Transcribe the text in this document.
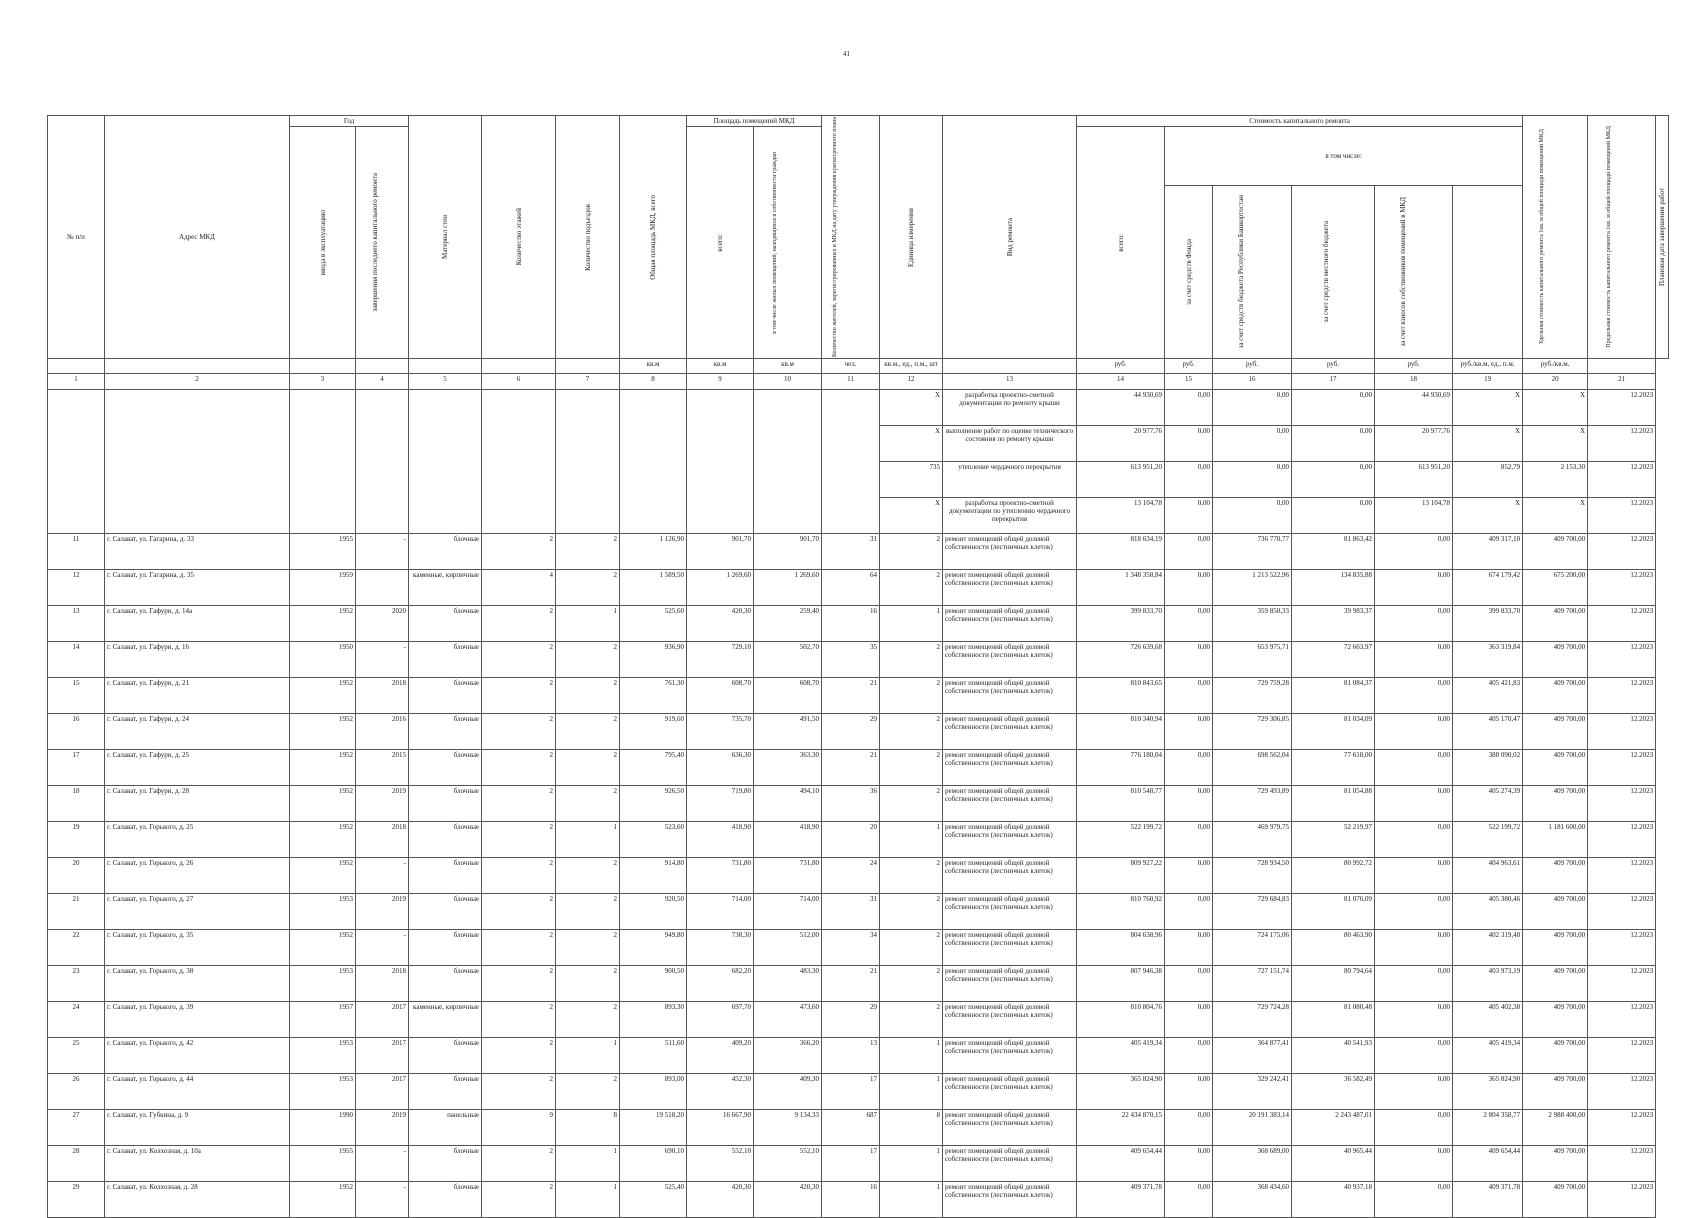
41
№ п/п	Адрес МКД	Год		Материал стен	Количество этажей	Количество подъездов	Общая площадь МКД, всего	Площадь помещений МКД		Количество жителей, зарегистрированных в МКД на дату утверждения краткосрочного плана	Единица измерения	Вид ремонта	Стоимость капитального ремонта						Удельная стоимость капитального ремонта 1кв. м общей площади помещений МКД	Предельная стоимость капитального ремонта 1кв. м общей площади помещений МКД	Плановая дата завершения работ

		ввода в эксплуатацию	завершения последнего капитального ремонта					всего:	в том числе жилых помещений, находящихся в собственности граждан				всего:	в том числе:							

														за счет средств Фонда	за счет средств бюджета Республики Башкортостан	за счет средств местного бюджета	за счет взносов собственников помещений в МКД				

							кв.м	кв.м	кв.м	чел.	кв.м., ед., п.м., шт		руб.	руб.	руб.	руб.	руб.	руб./кв.м, ед., п.м.	руб./кв.м.		
1	2	3	4	5	6	7	8	9	10	11	12	13	14	15	16	17	18	19	20	21	
											X	разработка проектно-сметной документации по ремонту крыши	44 930,69	0,00	0,00	0,00	44 930,69	X	X	12.2023	
											X	выполнение работ по оценке технического состояния по ремонту крыши	20 977,76	0,00	0,00	0,00	20 977,76	X	X	12.2023	
											735	утепление чердачного перекрытия	613 951,20	0,00	0,00	0,00	613 951,20	852,79	2 153,30	12.2023	
											X	разработка проектно-сметной документации по утеплению чердачного перекрытия	13 104,78	0,00	0,00	0,00	13 104,78	X	X	12.2023	
11	г. Салават, ул. Гагарина, д. 33	1955	-	блочные	2	2	1 126,90	901,70	901,70	31	2	ремонт помещений общей долевой собственности (лестничных клеток)	818 634,19	0,00	736 770,77	81 863,42	0,00	409 317,10	409 700,00	12.2023	
12	г. Салават, ул. Гагарина, д. 35	1959		каменные, кирпичные	4	2	1 589,50	1 269,60	1 269,60	64	2	ремонт помещений общей долевой собственности (лестничных клеток)	1 348 358,84	0,00	1 213 522,96	134 835,88	0,00	674 179,42	675 200,00	12.2023	
13	г. Салават, ул. Гафури, д. 14а	1952	2020	блочные	2	1	525,60	420,30	259,40	16	1	ремонт помещений общей долевой собственности (лестничных клеток)	399 833,70	0,00	359 850,33	39 983,37	0,00	399 833,70	409 700,00	12.2023	
14	г. Салават, ул. Гафури, д. 16	1950	-	блочные	2	2	936,90	729,10	502,70	35	2	ремонт помещений общей долевой собственности (лестничных клеток)	726 639,68	0,00	653 975,71	72 663,97	0,00	363 319,84	409 700,00	12.2023	
15	г. Салават, ул. Гафури, д. 21	1952	2018	блочные	2	2	761,30	608,70	608,70	21	2	ремонт помещений общей долевой собственности (лестничных клеток)	810 843,65	0,00	729 759,28	81 084,37	0,00	405 421,83	409 700,00	12.2023	
16	г. Салават, ул. Гафури, д. 24	1952	2016	блочные	2	2	919,60	735,70	491,50	29	2	ремонт помещений общей долевой собственности (лестничных клеток)	810 340,94	0,00	729 306,85	81 034,09	0,00	405 170,47	409 700,00	12.2023	
17	г. Салават, ул. Гафури, д. 25	1952	2015	блочные	2	2	795,40	636,30	363,30	21	2	ремонт помещений общей долевой собственности (лестничных клеток)	776 180,04	0,00	698 562,04	77 618,00	0,00	388 090,02	409 700,00	12.2023	
18	г. Салават, ул. Гафури, д. 28	1952	2019	блочные	2	2	926,50	719,80	494,10	36	2	ремонт помещений общей долевой собственности (лестничных клеток)	810 548,77	0,00	729 493,89	81 054,88	0,00	405 274,39	409 700,00	12.2023	
19	г. Салават, ул. Горького, д. 25	1952	2018	блочные	2	1	523,60	418,90	418,90	20	1	ремонт помещений общей долевой собственности (лестничных клеток)	522 199,72	0,00	469 979,75	52 219,97	0,00	522 199,72	1 181 600,00	12.2023	
20	г. Салават, ул. Горького, д. 26	1952	-	блочные	2	2	914,80	731,80	731,80	24	2	ремонт помещений общей долевой собственности (лестничных клеток)	809 927,22	0,00	728 934,50	80 992,72	0,00	404 963,61	409 700,00	12.2023	
21	г. Салават, ул. Горького, д. 27	1953	2019	блочные	2	2	920,50	714,00	714,00	31	2	ремонт помещений общей долевой собственности (лестничных клеток)	810 760,92	0,00	729 684,83	81 076,09	0,00	405 380,46	409 700,00	12.2023	
22	г. Салават, ул. Горького, д. 35	1952	-	блочные	2	2	949,80	738,30	512,00	34	2	ремонт помещений общей долевой собственности (лестничных клеток)	804 638,96	0,00	724 175,06	80 463,90	0,00	402 319,48	409 700,00	12.2023	
23	г. Салават, ул. Горького, д. 38	1953	2018	блочные	2	2	900,50	682,20	483,30	21	2	ремонт помещений общей долевой собственности (лестничных клеток)	807 946,38	0,00	727 151,74	80 794,64	0,00	403 973,19	409 700,00	12.2023	
24	г. Салават, ул. Горького, д. 39	1957	2017	каменные, кирпичные	2	2	893,30	697,70	473,60	29	2	ремонт помещений общей долевой собственности (лестничных клеток)	810 804,76	0,00	729 724,28	81 080,48	0,00	405 402,38	409 700,00	12.2023	
25	г. Салават, ул. Горького, д. 42	1953	2017	блочные	2	1	511,60	409,20	366,20	13	1	ремонт помещений общей долевой собственности (лестничных клеток)	405 419,34	0,00	364 877,41	40 541,93	0,00	405 419,34	409 700,00	12.2023	
26	г. Салават, ул. Горького, д. 44	1953	2017	блочные	2	2	893,00	452,30	409,30	17	1	ремонт помещений общей долевой собственности (лестничных клеток)	365 824,90	0,00	329 242,41	36 582,49	0,00	365 824,90	409 700,00	12.2023	
27	г. Салават, ул. Губкина, д. 9	1990	2019	панельные	9	8	19 518,20	16 667,90	9 134,33	687	8	ремонт помещений общей долевой собственности (лестничных клеток)	22 434 870,15	0,00	20 191 383,14	2 243 487,01	0,00	2 804 358,77	2 988 400,00	12.2023	
28	г. Салават, ул. Колхозная, д. 10а	1955	-	блочные	2	1	690,10	552,10	552,10	17	1	ремонт помещений общей долевой собственности (лестничных клеток)	409 654,44	0,00	368 689,00	40 965,44	0,00	409 654,44	409 700,00	12.2023	
29	г. Салават, ул. Колхозная, д. 28	1952	-	блочные	2	1	525,40	420,30	420,30	16	1	ремонт помещений общей долевой собственности (лестничных клеток)	409 371,78	0,00	368 434,60	40 937,18	0,00	409 371,78	409 700,00	12.2023	
